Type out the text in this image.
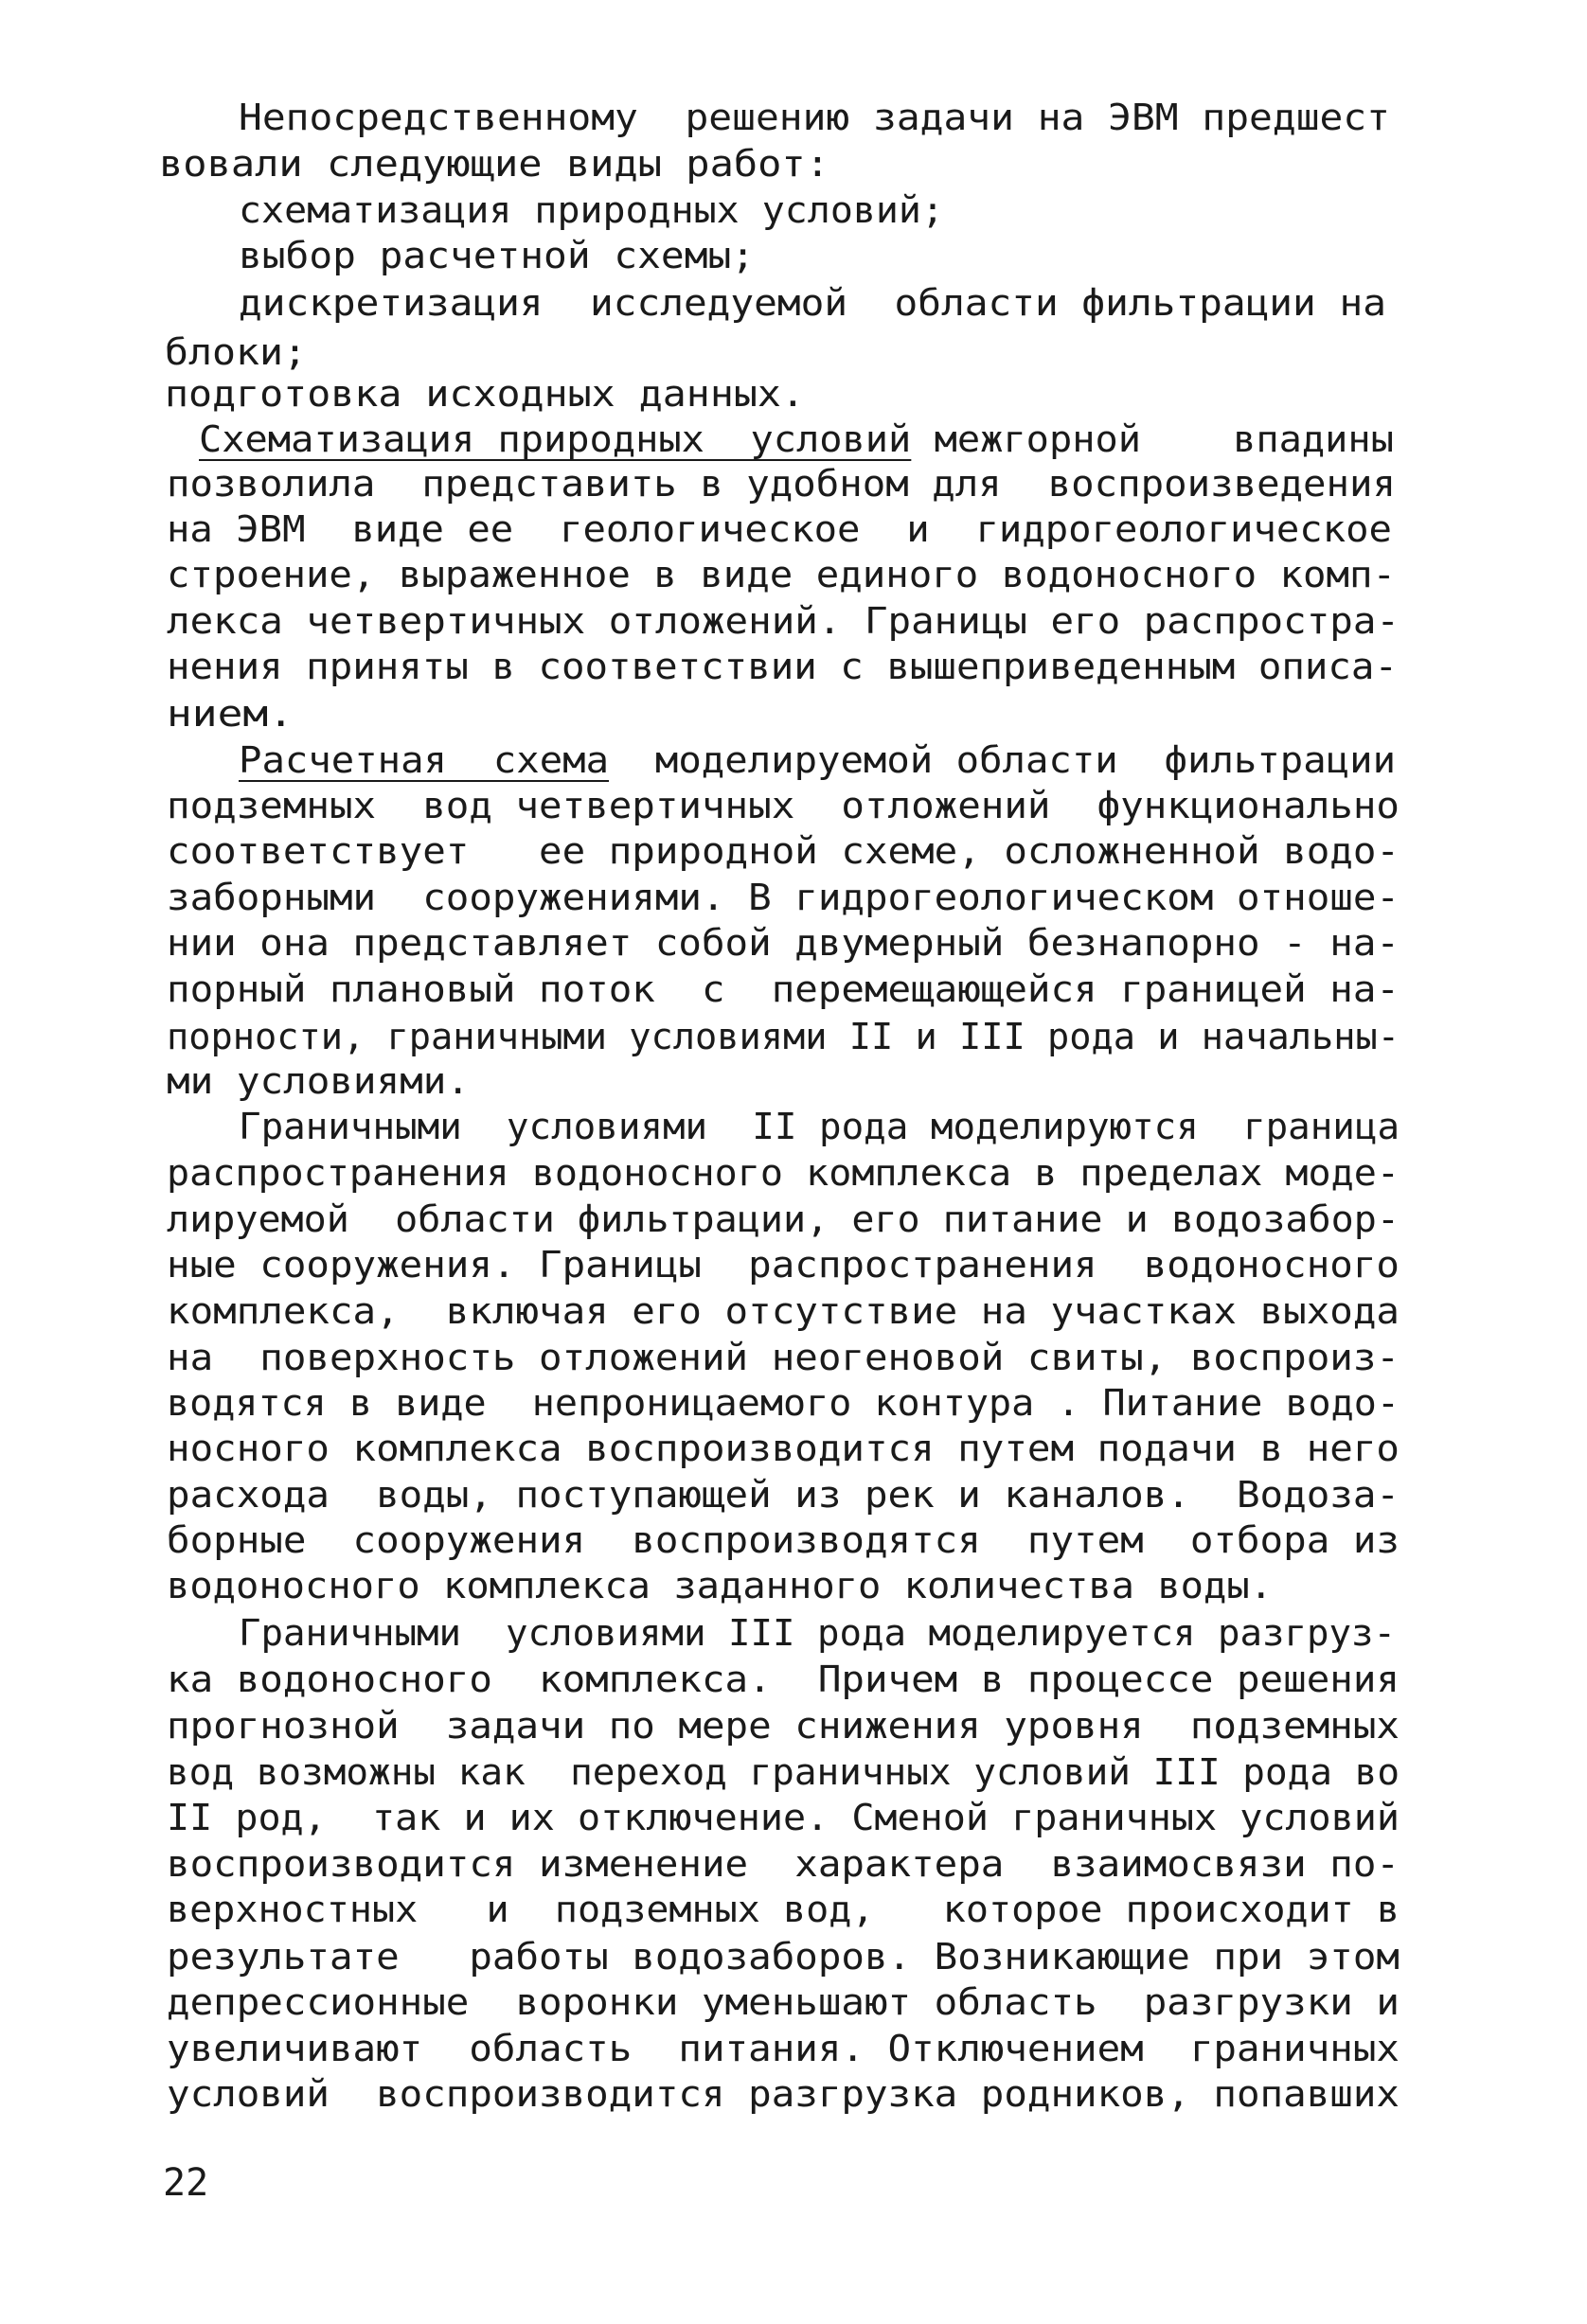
Непосредственному  решению задачи на ЭВМ предшест
вовали следующие виды работ:
схематизация природных условий;
выбор расчетной схемы;
дискретизация  исследуемой  области фильтрации на
блоки;
подготовка исходных данных.
Схематизация природных  условий межгорной    впадины
позволила  представить в удобном для  воспроизведения
на ЭВМ  виде ее  геологическое  и  гидрогеологическое
строение, выраженное в виде единого водоносного комп-
лекса четвертичных отложений. Границы его распростра-
нения приняты в соответствии с вышеприведенным описа-
нием.
Расчетная  схема  моделируемой области  фильтрации
подземных  вод четвертичных  отложений  функционально
соответствует   ее природной схеме, осложненной водо-
заборными  сооружениями. В гидрогеологическом отноше-
нии она представляет собой двумерный безнапорно - на-
порный плановый поток  с  перемещающейся границей на-
порности, граничными условиями II и III рода и начальны-
ми условиями.
Граничными  условиями  II рода моделируются  граница
распространения водоносного комплекса в пределах моде-
лируемой  области фильтрации, его питание и водозабор-
ные сооружения. Границы  распространения  водоносного
комплекса,  включая его отсутствие на участках выхода
на  поверхность отложений неогеновой свиты, воспроиз-
водятся в виде  непроницаемого контура . Питание водо-
носного комплекса воспроизводится путем подачи в него
расхода  воды, поступающей из рек и каналов.  Водоза-
борные  сооружения  воспроизводятся  путем  отбора из
водоносного комплекса заданного количества воды.
Граничными  условиями III рода моделируется разгруз-
ка водоносного  комплекса.  Причем в процессе решения
прогнозной  задачи по мере снижения уровня  подземных
вод возможны как  переход граничных условий III рода во
II род,  так и их отключение. Сменой граничных условий
воспроизводится изменение  характера  взаимосвязи по-
верхностных   и  подземных вод,   которое происходит в
результате   работы водозаборов. Возникающие при этом
депрессионные  воронки уменьшают область  разгрузки и
увеличивают  область  питания. Отключением  граничных
условий  воспроизводится разгрузка родников, попавших
22
